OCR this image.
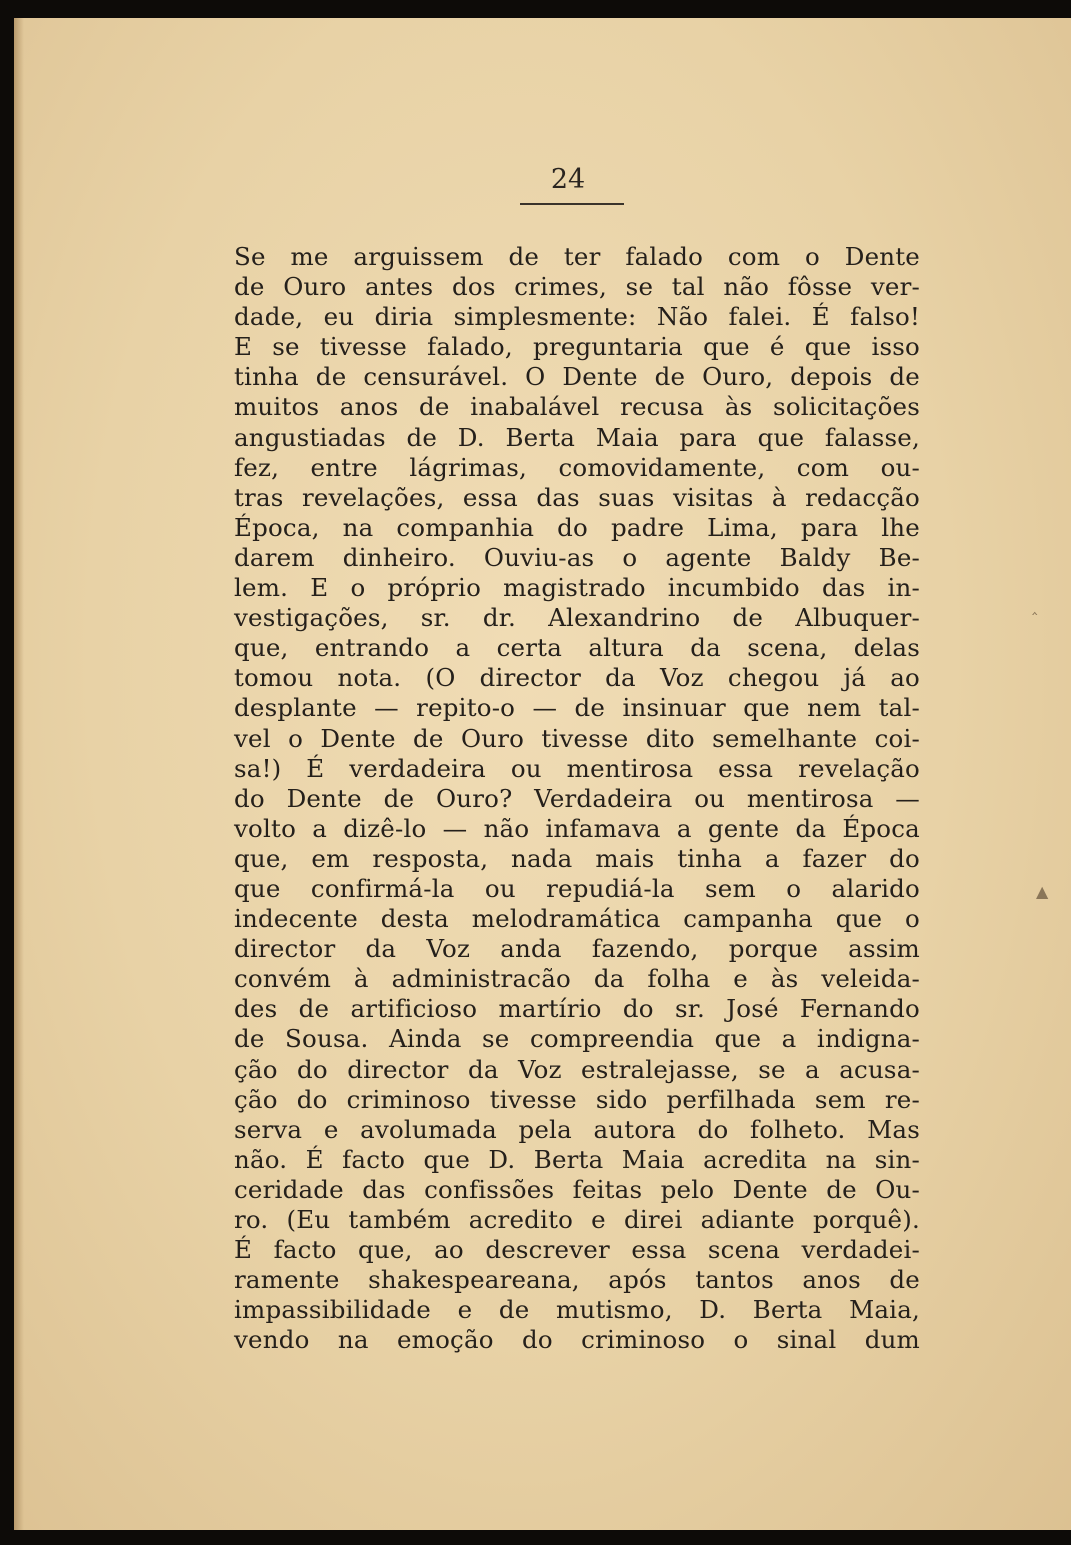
24
Se me arguissem de ter falado com o Dente
de Ouro antes dos crimes, se tal não fôsse ver-
dade, eu diria simplesmente: Não falei. É falso!
E se tivesse falado, preguntaria que é que isso
tinha de censurável. O Dente de Ouro, depois de
muitos anos de inabalável recusa às solicitações
angustiadas de D. Berta Maia para que falasse,
fez, entre lágrimas, comovidamente, com ou-
tras revelações, essa das suas visitas à redacção
Época, na companhia do padre Lima, para lhe
darem dinheiro. Ouviu-as o agente Baldy Be-
lem. E o próprio magistrado incumbido das in-
vestigações, sr. dr. Alexandrino de Albuquer-
que, entrando a certa altura da scena, delas
tomou nota. (O director da Voz chegou já ao
desplante — repito-o — de insinuar que nem tal-
vel o Dente de Ouro tivesse dito semelhante coi-
sa!) É verdadeira ou mentirosa essa revelação
do Dente de Ouro? Verdadeira ou mentirosa —
volto a dizê-lo — não infamava a gente da Época
que, em resposta, nada mais tinha a fazer do
que confirmá-la ou repudiá-la sem o alarido
indecente desta melodramática campanha que o
director da Voz anda fazendo, porque assim
convém à administracão da folha e às veleida-
des de artificioso martírio do sr. José Fernando
de Sousa. Ainda se compreendia que a indigna-
ção do director da Voz estralejasse, se a acusa-
ção do criminoso tivesse sido perfilhada sem re-
serva e avolumada pela autora do folheto. Mas
não. É facto que D. Berta Maia acredita na sin-
ceridade das confissões feitas pelo Dente de Ou-
ro. (Eu também acredito e direi adiante porquê).
É facto que, ao descrever essa scena verdadei-
ramente shakespeareana, após tantos anos de
impassibilidade e de mutismo, D. Berta Maia,
vendo na emoção do criminoso o sinal dum
‸
▲
